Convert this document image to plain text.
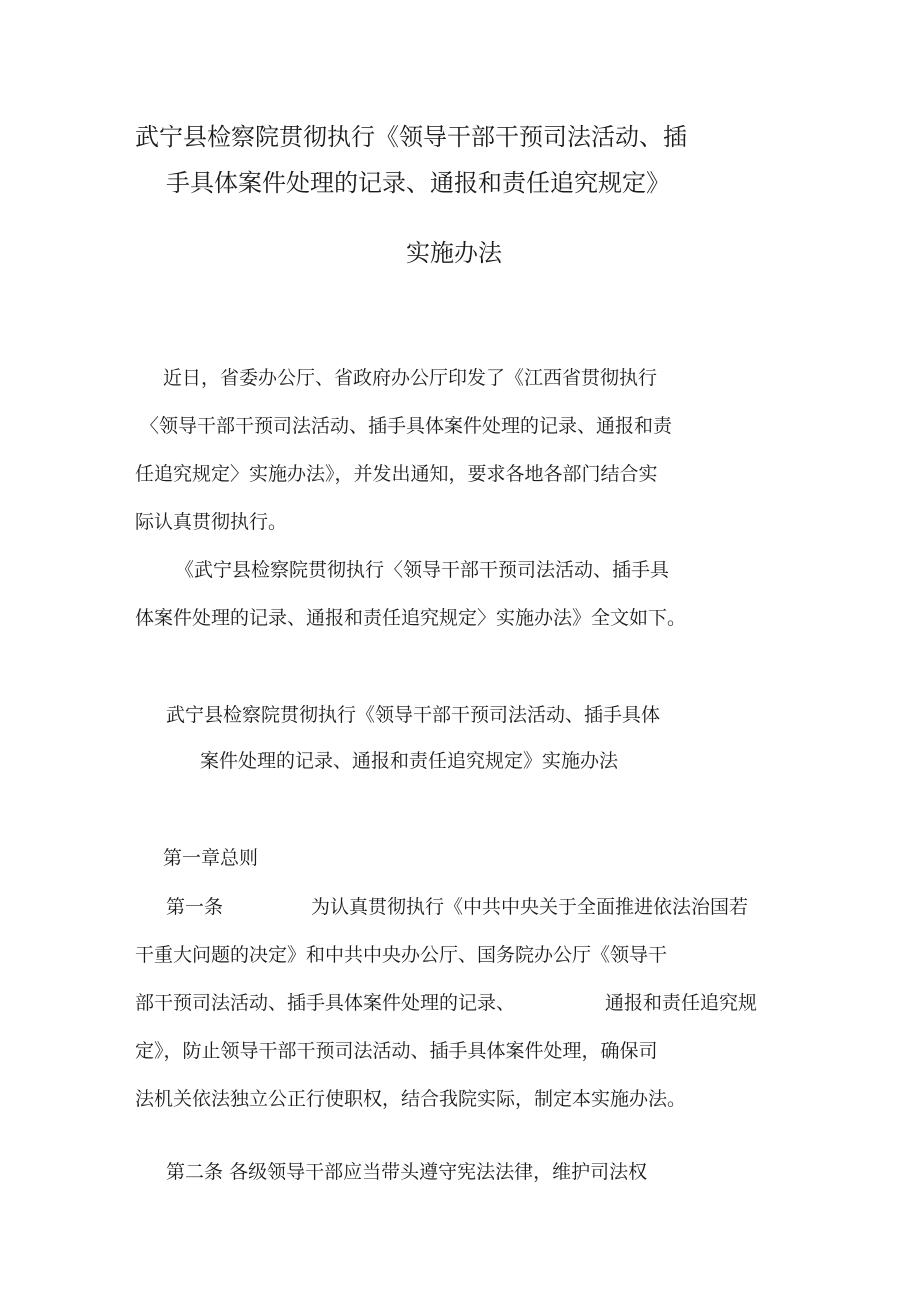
武宁县检察院贯彻执行《领导干部干预司法活动、插
手具体案件处理的记录、通报和责任追究规定》
实施办法
近日，省委办公厅、省政府办公厅印发了《江西省贯彻执行
〈领导干部干预司法活动、插手具体案件处理的记录、通报和责
任追究规定〉实施办法》，并发出通知，要求各地各部门结合实
际认真贯彻执行。
《武宁县检察院贯彻执行〈领导干部干预司法活动、插手具
体案件处理的记录、通报和责任追究规定〉实施办法》全文如下。
武宁县检察院贯彻执行《领导干部干预司法活动、插手具体
案件处理的记录、通报和责任追究规定》实施办法
第一章总则
第一条	为认真贯彻执行《中共中央关于全面推进依法治国若
干重大问题的决定》和中共中央办公厅、国务院办公厅《领导干
部干预司法活动、插手具体案件处理的记录、	通报和责任追究规
定》，防止领导干部干预司法活动、插手具体案件处理，确保司
法机关依法独立公正行使职权，结合我院实际，制定本实施办法。
第二条 各级领导干部应当带头遵守宪法法律，维护司法权
